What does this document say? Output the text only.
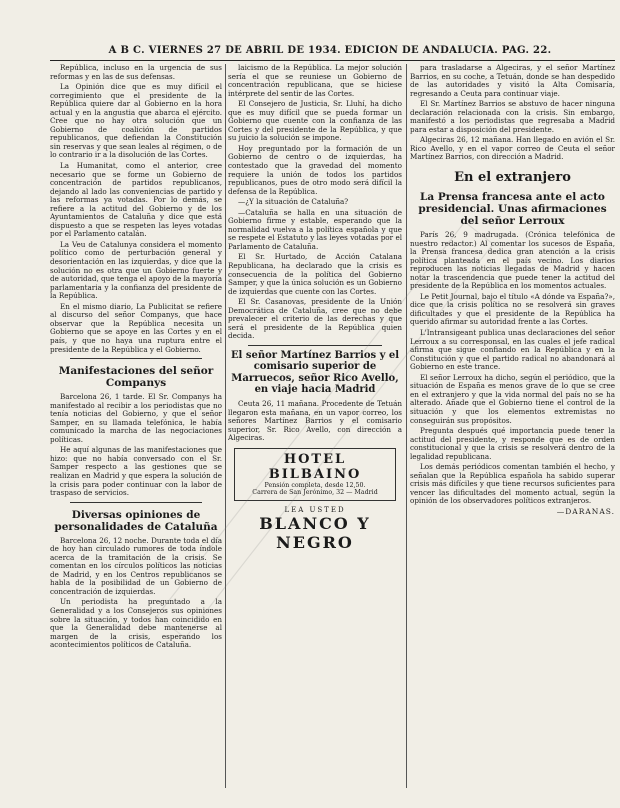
A B C. VIERNES 27 DE ABRIL DE 1934. EDICION DE ANDALUCIA. PAG. 22.

República, incluso en la urgencia de sus reformas y en las de sus defensas.

La Opinión dice que es muy difícil el corregimiento que el presidente de la República quiere dar al Gobierno en la hora actual y en la angustia que abarca el ejército. Cree que no hay otra solución que un Gobierno de coalición de partidos republicanos, que defiendan la Constitución sin reservas y que sean leales al régimen, o de lo contrario ir a la disolución de las Cortes.

La Humanitat, como el anterior, cree necesario que se forme un Gobierno de concentración de partidos republicanos, dejando al lado las conveniencias de partido y las reformas ya votadas. Por lo demás, se refiere a la actitud del Gobierno y de los Ayuntamientos de Cataluña y dice que está dispuesto a que se respeten las leyes votadas por el Parlamento catalán.

La Veu de Catalunya considera el momento político como de perturbación general y desorientación en las izquierdas, y dice que la solución no es otra que un Gobierno fuerte y de autoridad, que tenga el apoyo de la mayoría parlamentaria y la confianza del presidente de la República.

En el mismo diario, La Publicitat se refiere al discurso del señor Companys, que hace observar que la República necesita un Gobierno que se apoye en las Cortes y en el país, y que no haya una ruptura entre el presidente de la República y el Gobierno.

Manifestaciones del señor Companys

Barcelona 26, 1 tarde. El Sr. Companys ha manifestado al recibir a los periodistas que no tenía noticias del Gobierno, y que el señor Samper, en su llamada telefónica, le había comunicado la marcha de las negociaciones políticas.

He aquí algunas de las manifestaciones que hizo: que no había conversado con el Sr. Samper respecto a las gestiones que se realizan en Madrid y que espera la solución de la crisis para poder continuar con la labor de traspaso de servicios.

Diversas opiniones de personalidades de Cataluña

Barcelona 26, 12 noche. Durante toda el día de hoy han circulado rumores de toda índole acerca de la tramitación de la crisis. Se comentan en los círculos políticos las noticias de Madrid, y en los Centros republicanos se habla de la posibilidad de un Gobierno de concentración de izquierdas.

Un periodista ha preguntado a la Generalidad y a los Consejeros sus opiniones sobre la situación, y todos han coincidido en que la Generalidad debe mantenerse al margen de la crisis, esperando los acontecimientos políticos de Cataluña.

laicismo de la República. La mejor solución sería el que se reuniese un Gobierno de concentración republicana, que se hiciese intérprete del sentir de las Cortes.

El Consejero de Justicia, Sr. Lluhí, ha dicho que es muy difícil que se pueda formar un Gobierno que cuente con la confianza de las Cortes y del presidente de la República, y que su juicio la solución se impone.

Hoy preguntado por la formación de un Gobierno de centro o de izquierdas, ha contestado que la gravedad del momento requiere la unión de todos los partidos republicanos, pues de otro modo será difícil la defensa de la República.

—¿Y la situación de Cataluña?

—Cataluña se halla en una situación de Gobierno firme y estable, esperando que la normalidad vuelva a la política española y que se respete el Estatuto y las leyes votadas por el Parlamento de Cataluña.

El Sr. Hurtado, de Acción Catalana Republicana, ha declarado que la crisis es consecuencia de la política del Gobierno Samper, y que la única solución es un Gobierno de izquierdas que cuente con las Cortes.

El Sr. Casanovas, presidente de la Unión Democrática de Cataluña, cree que no debe prevalecer el criterio de las derechas y que será el presidente de la República quien decida.

El señor Martínez Barrios y el comisario superior de Marruecos, señor Rico Avello, en viaje hacia Madrid

Ceuta 26, 11 mañana. Procedente de Tetuán llegaron esta mañana, en un vapor correo, los señores Martínez Barrios y el comisario superior, Sr. Rico Avello, con dirección a Algeciras.

HOTEL BILBAINO
Pensión completa, desde 12,50.
Carrera de San Jerónimo, 32 — Madrid
LEA USTED
BLANCO Y NEGRO

para trasladarse a Algeciras, y el señor Martínez Barrios, en su coche, a Tetuán, donde se han despedido de las autoridades y visitó la Alta Comisaría, regresando a Ceuta para continuar viaje.

El Sr. Martínez Barrios se abstuvo de hacer ninguna declaración relacionada con la crisis. Sin embargo, manifestó a los periodistas que regresaba a Madrid para estar a disposición del presidente.

Algeciras 26, 12 mañana. Han llegado en avión el Sr. Rico Avello, y en el vapor correo de Ceuta el señor Martínez Barrios, con dirección a Madrid.

En el extranjero
La Prensa francesa ante el acto presidencial. Unas afirmaciones del señor Lerroux

París 26, 9 madrugada. (Crónica telefónica de nuestro redactor.) Al comentar los sucesos de España, la Prensa francesa dedica gran atención a la crisis política planteada en el país vecino. Los diarios reproducen las noticias llegadas de Madrid y hacen notar la trascendencia que puede tener la actitud del presidente de la República en los momentos actuales.

Le Petit Journal, bajo el título «A dónde va España?», dice que la crisis política no se resolverá sin graves dificultades y que el presidente de la República ha querido afirmar su autoridad frente a las Cortes.

L'Intransigeant publica unas declaraciones del señor Lerroux a su corresponsal, en las cuales el jefe radical afirma que sigue confiando en la República y en la Constitución y que el partido radical no abandonará al Gobierno en este trance.

El señor Lerroux ha dicho, según el periódico, que la situación de España es menos grave de lo que se cree en el extranjero y que la vida normal del país no se ha alterado. Añade que el Gobierno tiene el control de la situación y que los elementos extremistas no conseguirán sus propósitos.

Pregunta después qué importancia puede tener la actitud del presidente, y responde que es de orden constitucional y que la crisis se resolverá dentro de la legalidad republicana.

Los demás periódicos comentan también el hecho, y señalan que la República española ha sabido superar crisis más difíciles y que tiene recursos suficientes para vencer las dificultades del momento actual, según la opinión de los observadores políticos extranjeros.

—DARANAS.
